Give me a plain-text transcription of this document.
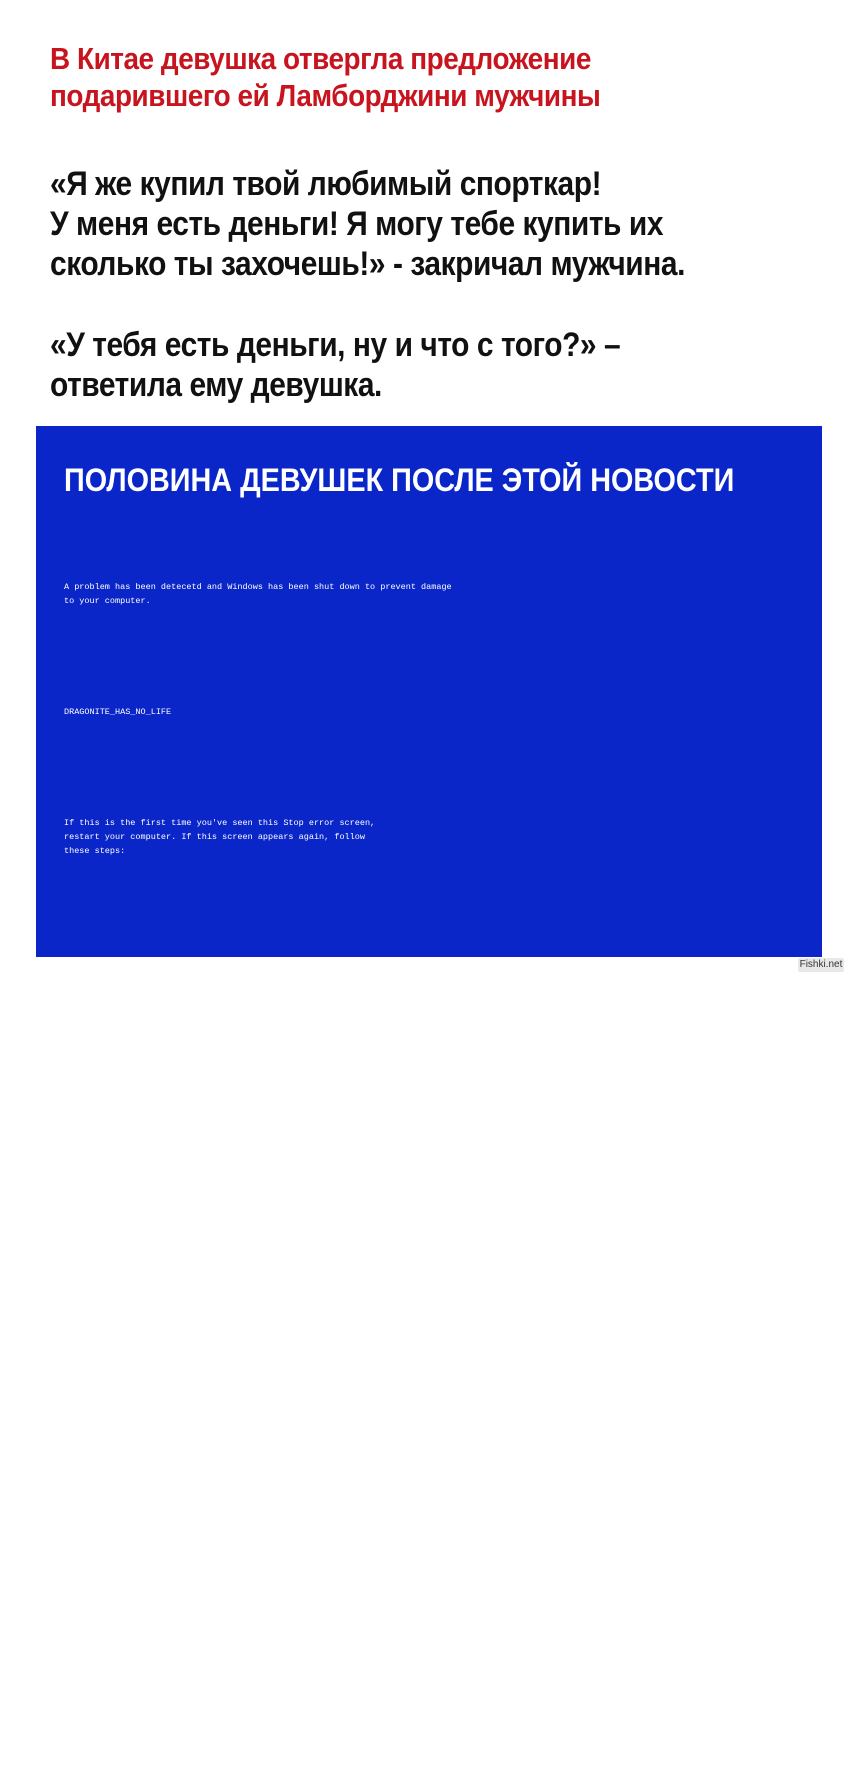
В Китае девушка отвергла предложение
подарившего ей Ламборджини мужчины
«Я же купил твой любимый спорткар!
У меня есть деньги! Я могу тебе купить их
сколько ты захочешь!» - закричал мужчина.
«У тебя есть деньги, ну и что с того?» –
ответила ему девушка.
ПОЛОВИНА ДЕВУШЕК ПОСЛЕ ЭТОЙ НОВОСТИ

A problem has been detecetd and Windows has been shut down to prevent damage
to your computer.

DRAGONITE_HAS_NO_LIFE

If this is the first time you've seen this Stop error screen,
restart your computer. If this screen appears again, follow
these steps:

Actually, don't do anything. BSODs are good for your health.
(If you work for Apple, that is.)

If problems continue, disable or remove any newly installed hardware
or software. Disable BIOS memory options such as caching or shadowing.
Of course, you could simply not run anything else that Dragonite uploads to Wizirdi again.

Technical information:

*** STOP: 0.000000D1 (0x0000000C, 0x00000002, 0x00000000, 0x00001337)

***       trololo.sys - Address 1337000 base at 10101010, Datestamp 00000000

Begin dump of physical memory

Physical memory dump complete.
Contact your system administrator or technical support group for further
assistance.

Fishki.net
